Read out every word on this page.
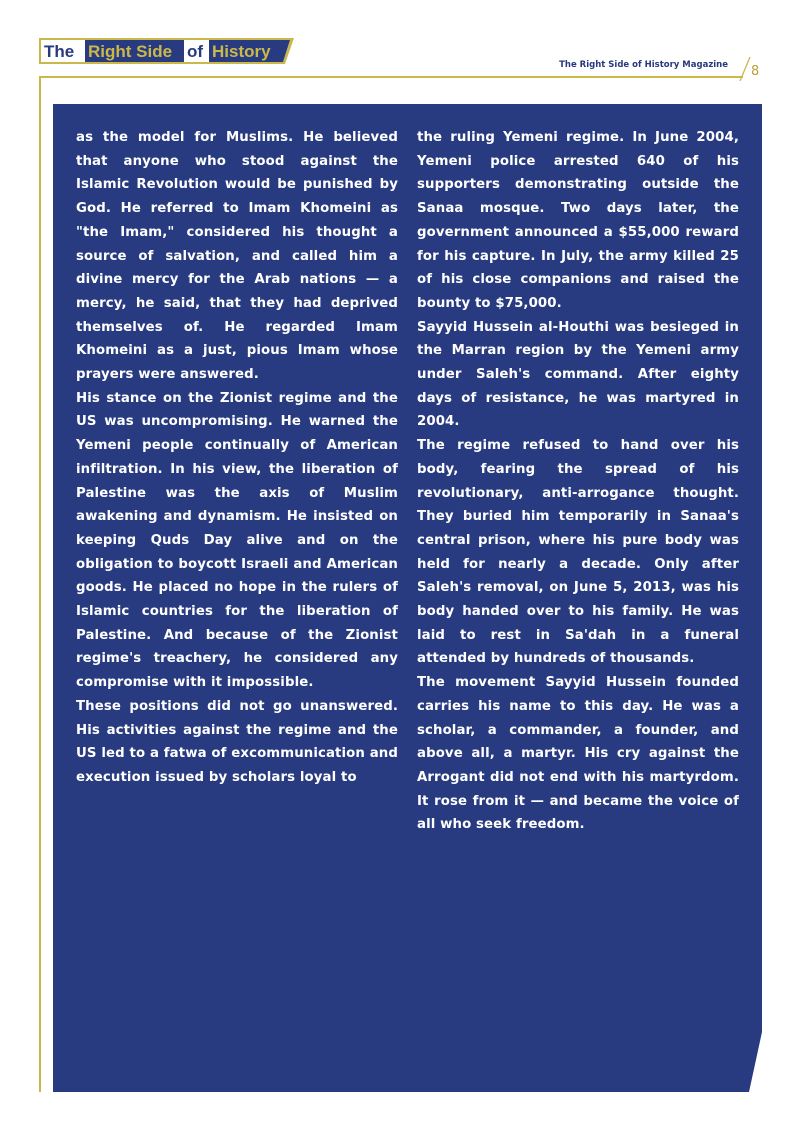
The Right Side of History
The Right Side of History Magazine 8

as the model for Muslims. He believed that anyone who stood against the Islamic Revolution would be punished by God. He referred to Imam Khomeini as "the Imam," considered his thought a source of salvation, and called him a divine mercy for the Arab nations — a mercy, he said, that they had deprived themselves of. He regarded Imam Khomeini as a just, pious Imam whose prayers were answered.

His stance on the Zionist regime and the US was uncompromising. He warned the Yemeni people continually of American infiltration. In his view, the liberation of Palestine was the axis of Muslim awakening and dynamism. He insisted on keeping Quds Day alive and on the obligation to boycott Israeli and American goods. He placed no hope in the rulers of Islamic countries for the liberation of Palestine. And because of the Zionist regime's treachery, he considered any compromise with it impossible.

These positions did not go unanswered. His activities against the regime and the US led to a fatwa of excommunication and execution issued by scholars loyal to

the ruling Yemeni regime. In June 2004, Yemeni police arrested 640 of his supporters demonstrating outside the Sanaa mosque. Two days later, the government announced a $55,000 reward for his capture. In July, the army killed 25 of his close companions and raised the bounty to $75,000.

Sayyid Hussein al-Houthi was besieged in the Marran region by the Yemeni army under Saleh's command. After eighty days of resistance, he was martyred in 2004.

The regime refused to hand over his body, fearing the spread of his revolutionary, anti-arrogance thought. They buried him temporarily in Sanaa's central prison, where his pure body was held for nearly a decade. Only after Saleh's removal, on June 5, 2013, was his body handed over to his family. He was laid to rest in Sa'dah in a funeral attended by hundreds of thousands.

The movement Sayyid Hussein founded carries his name to this day. He was a scholar, a commander, a founder, and above all, a martyr. His cry against the Arrogant did not end with his martyrdom. It rose from it — and became the voice of all who seek freedom.
